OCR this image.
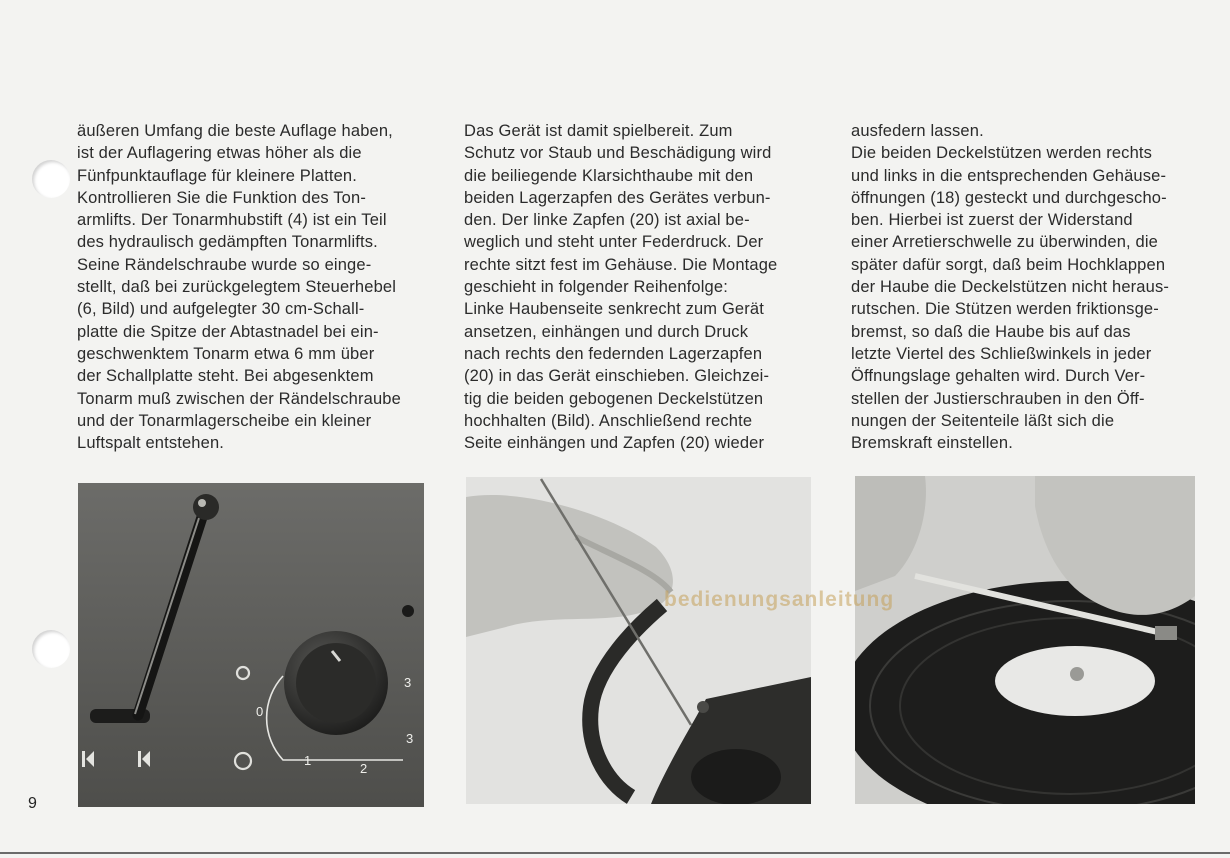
äußeren Umfang die beste Auflage haben,
ist der Auflagering etwas höher als die
Fünfpunktauflage für kleinere Platten.
Kontrollieren Sie die Funktion des Ton-
armlifts. Der Tonarmhubstift (4) ist ein Teil
des hydraulisch gedämpften Tonarmlifts.
Seine Rändelschraube wurde so einge-
stellt, daß bei zurückgelegtem Steuerhebel
(6, Bild) und aufgelegter 30 cm-Schall-
platte die Spitze der Abtastnadel bei ein-
geschwenktem Tonarm etwa 6 mm über
der Schallplatte steht. Bei abgesenktem
Tonarm muß zwischen der Rändelschraube
und der Tonarmlagerscheibe ein kleiner
Luftspalt entstehen.
Das Gerät ist damit spielbereit. Zum
Schutz vor Staub und Beschädigung wird
die beiliegende Klarsichthaube mit den
beiden Lagerzapfen des Gerätes verbun-
den. Der linke Zapfen (20) ist axial be-
weglich und steht unter Federdruck. Der
rechte sitzt fest im Gehäuse. Die Montage
geschieht in folgender Reihenfolge:
Linke Haubenseite senkrecht zum Gerät
ansetzen, einhängen und durch Druck
nach rechts den federnden Lagerzapfen
(20) in das Gerät einschieben. Gleichzei-
tig die beiden gebogenen Deckelstützen
hochhalten (Bild). Anschließend rechte
Seite einhängen und Zapfen (20) wieder
ausfedern lassen.
Die beiden Deckelstützen werden rechts
und links in die entsprechenden Gehäuse-
öffnungen (18) gesteckt und durchgescho-
ben. Hierbei ist zuerst der Widerstand
einer Arretierschwelle zu überwinden, die
später dafür sorgt, daß beim Hochklappen
der Haube die Deckelstützen nicht heraus-
rutschen. Die Stützen werden friktionsge-
bremst, so daß die Haube bis auf das
letzte Viertel des Schließwinkels in jeder
Öffnungslage gehalten wird. Durch Ver-
stellen der Justierschrauben in den Öff-
nungen der Seitenteile läßt sich die
Bremskraft einstellen.
0
1
2
3
3
bedienungsanleitung
9
